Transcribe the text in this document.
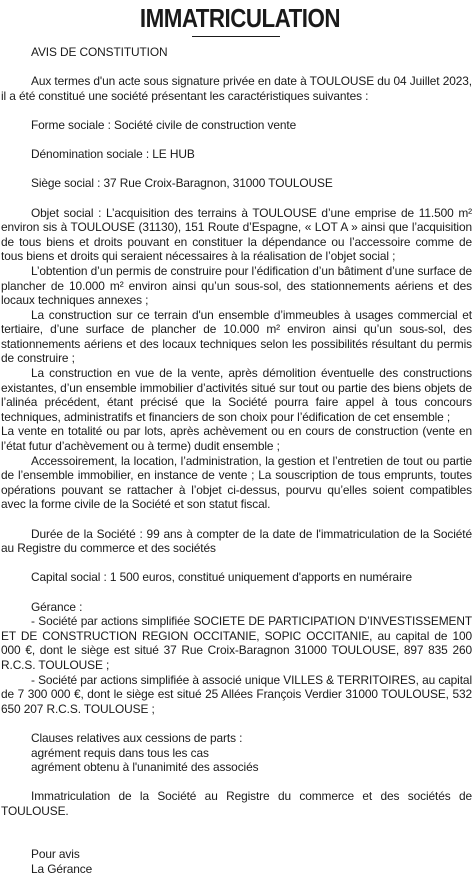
IMMATRICULATION

AVIS DE CONSTITUTION

Aux termes d'un acte sous signature privée en date à TOULOUSE du 04 Juillet 2023, il a été constitué une société présentant les caractéristiques suivantes :

Forme sociale : Société civile de construction vente

Dénomination sociale : LE HUB

Siège social : 37 Rue Croix-Baragnon, 31000 TOULOUSE

Objet social : L’acquisition des terrains à TOULOUSE d’une emprise de 11.500 m² environ sis à TOULOUSE (31130), 151 Route d’Espagne, « LOT A » ainsi que l’acquisition de tous biens et droits pouvant en constituer la dépendance ou l’accessoire comme de tous biens et droits qui seraient nécessaires à la réalisation de l’objet social ;

L’obtention d’un permis de construire pour l’édification d’un bâtiment d’une surface de plancher de 10.000 m² environ ainsi qu’un sous-sol, des stationnements aériens et des locaux techniques annexes ;

La construction sur ce terrain d'un ensemble d’immeubles à usages commercial et tertiaire, d’une surface de plancher de 10.000 m² environ ainsi qu’un sous-sol, des stationnements aériens et des locaux techniques selon les possibilités résultant du permis de construire ;

La construction en vue de la vente, après démolition éventuelle des constructions existantes, d’un ensemble immobilier d’activités situé sur tout ou partie des biens objets de l’alinéa précédent, étant précisé que la Société pourra faire appel à tous concours techniques, administratifs et financiers de son choix pour l’édification de cet ensemble ;

La vente en totalité ou par lots, après achèvement ou en cours de construction (vente en l’état futur d’achèvement ou à terme) dudit ensemble ;

Accessoirement, la location, l’administration, la gestion et l’entretien de tout ou partie de l’ensemble immobilier, en instance de vente ; La souscription de tous emprunts, toutes opérations pouvant se rattacher à l’objet ci-dessus, pourvu qu’elles soient compatibles avec la forme civile de la Société et son statut fiscal.

Durée de la Société : 99 ans à compter de la date de l'immatriculation de la Société au Registre du commerce et des sociétés

Capital social : 1 500 euros, constitué uniquement d'apports en numéraire

Gérance :

- Société par actions simplifiée SOCIETE DE PARTICIPATION D’INVESTISSEMENT ET DE CONSTRUCTION REGION OCCITANIE, SOPIC OCCITANIE, au capital de 100 000 €, dont le siège est situé 37 Rue Croix-Baragnon 31000 TOULOUSE, 897 835 260 R.C.S. TOULOUSE ;

- Société par actions simplifiée à associé unique VILLES & TERRITOIRES, au capital de 7 300 000 €, dont le siège est situé 25 Allées François Verdier 31000 TOULOUSE, 532 650 207 R.C.S. TOULOUSE ;

Clauses relatives aux cessions de parts :

agrément requis dans tous les cas

agrément obtenu à l'unanimité des associés

Immatriculation de la Société au Registre du commerce et des sociétés de TOULOUSE.

Pour avis

La Gérance
